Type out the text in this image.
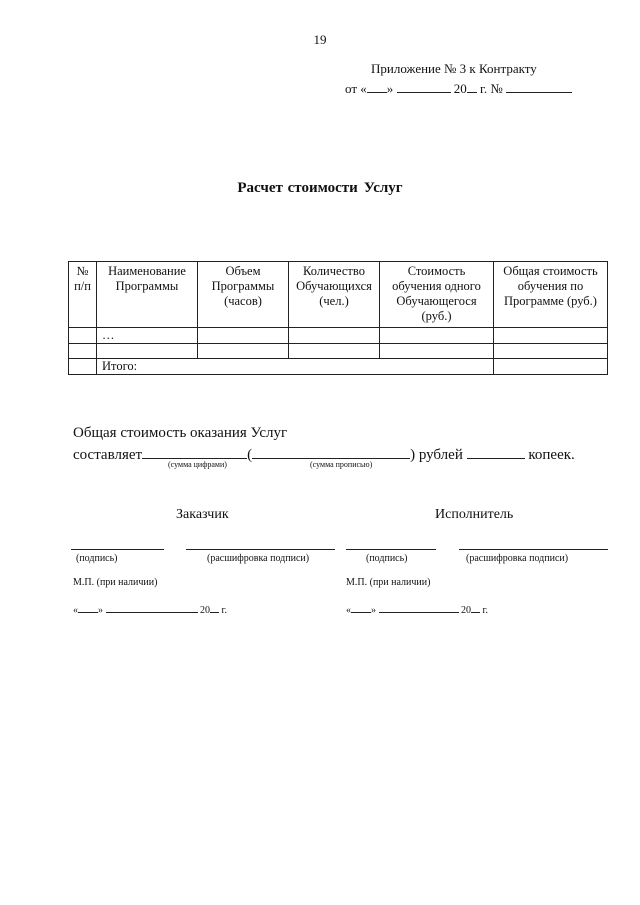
19
Приложение № 3 к Контракту
от « »	20 г. №
Расчет стоимости Услуг
№ п/п	Наименование Программы	Объем Программы (часов)	Количество Обучающихся (чел.)	Стоимость обучения одного Обучающегося (руб.)	Общая стоимость обучения по Программе (руб.)
	…				

	Итого:				
Общая стоимость оказания Услуг
составляет	(	) рублей	копеек.
(сумма цифрами)	(сумма прописью)
Заказчик	Исполнитель
(подпись)	(расшифровка подписи)	(подпись)	(расшифровка подписи)
М.П. (при наличии)	М.П. (при наличии)
« »	20 г.	« »	20 г.
